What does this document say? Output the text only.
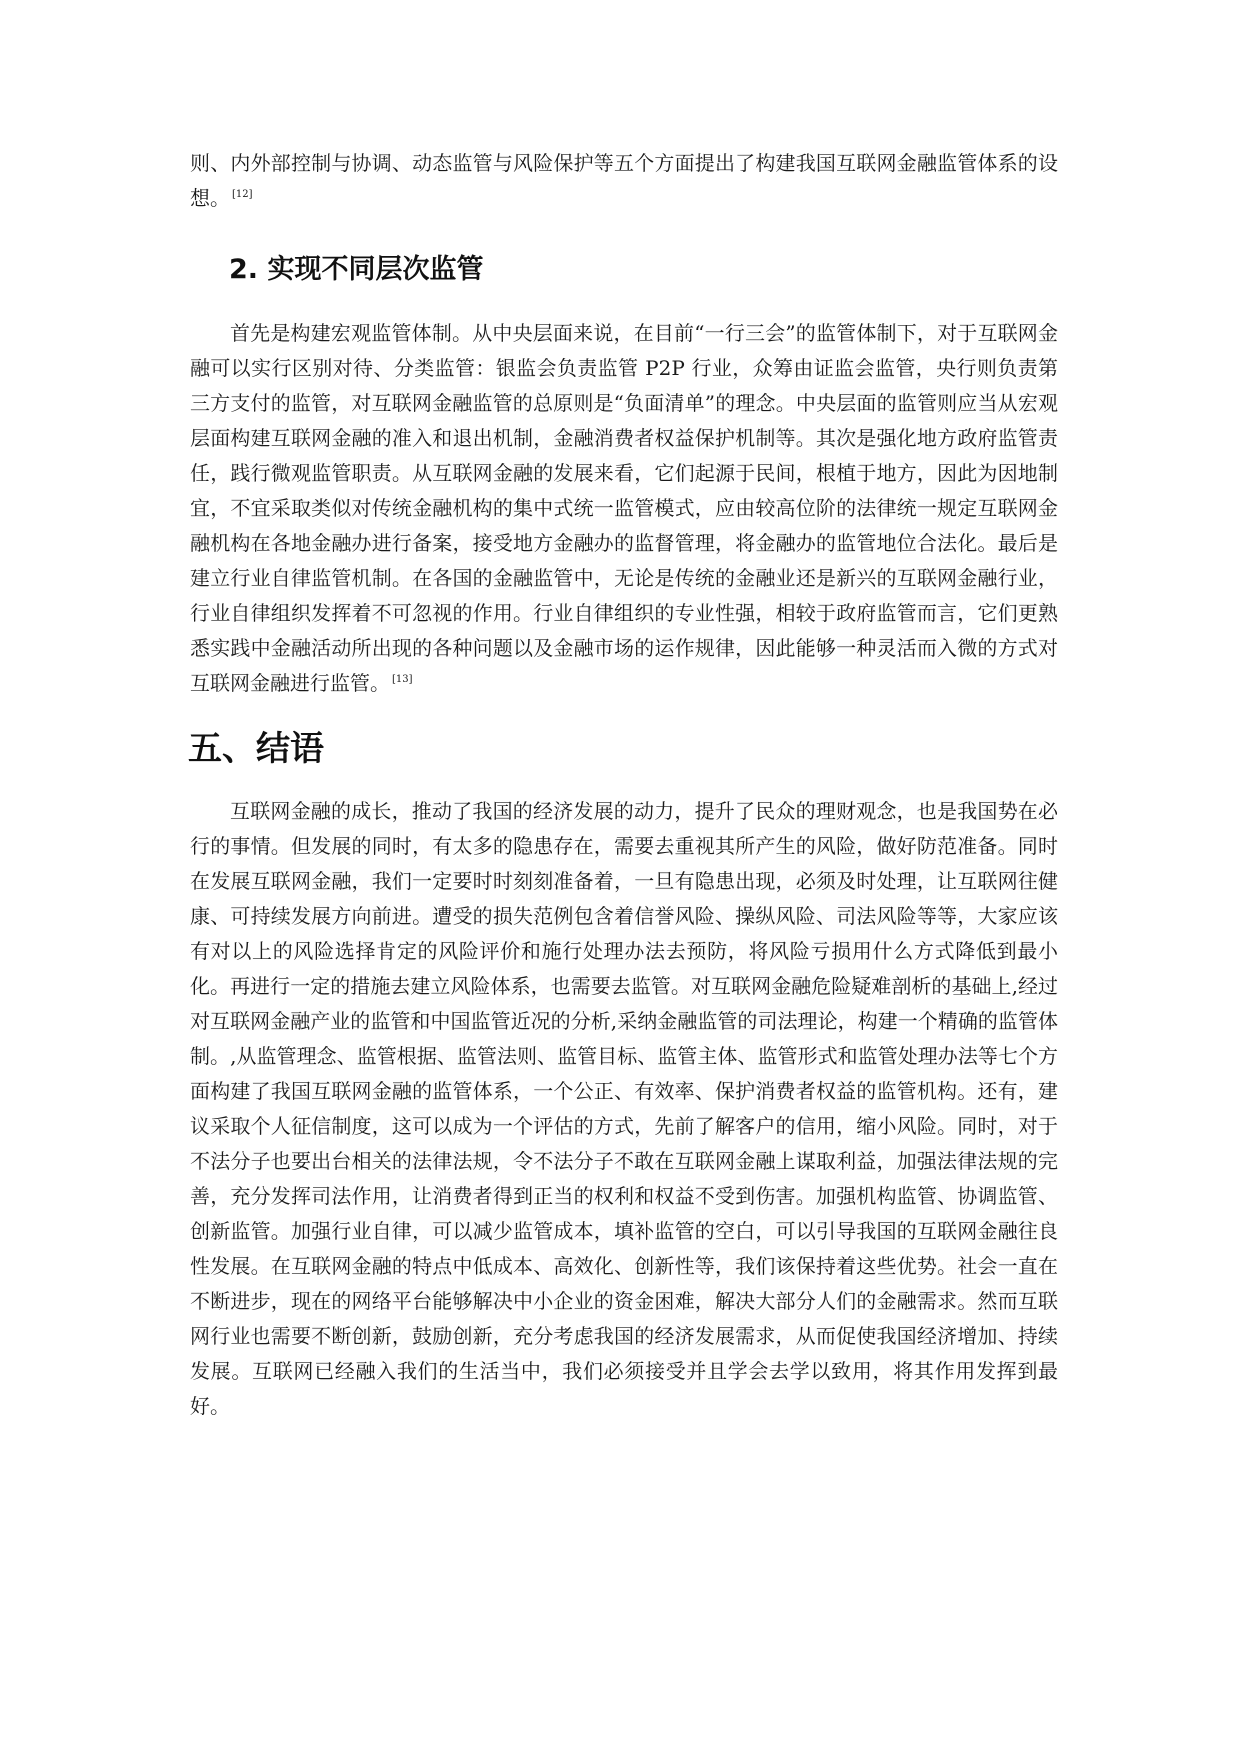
则、内外部控制与协调、动态监管与风险保护等五个方面提出了构建我国互联网金融监管体系的设想。 [12]

2. 实现不同层次监管

首先是构建宏观监管体制。从中央层面来说，在目前“一行三会”的监管体制下，对于互联网金融可以实行区别对待、分类监管：银监会负责监管 P2P 行业，众筹由证监会监管，央行则负责第三方支付的监管，对互联网金融监管的总原则是“负面清单”的理念。中央层面的监管则应当从宏观层面构建互联网金融的准入和退出机制，金融消费者权益保护机制等。其次是强化地方政府监管责任，践行微观监管职责。从互联网金融的发展来看，它们起源于民间，根植于地方，因此为因地制宜，不宜采取类似对传统金融机构的集中式统一监管模式，应由较高位阶的法律统一规定互联网金融机构在各地金融办进行备案，接受地方金融办的监督管理，将金融办的监管地位合法化。最后是建立行业自律监管机制。在各国的金融监管中，无论是传统的金融业还是新兴的互联网金融行业，行业自律组织发挥着不可忽视的作用。行业自律组织的专业性强，相较于政府监管而言，它们更熟悉实践中金融活动所出现的各种问题以及金融市场的运作规律，因此能够一种灵活而入微的方式对互联网金融进行监管。 [13]

五、结语

互联网金融的成长，推动了我国的经济发展的动力，提升了民众的理财观念，也是我国势在必行的事情。但发展的同时，有太多的隐患存在，需要去重视其所产生的风险，做好防范准备。同时在发展互联网金融，我们一定要时时刻刻准备着，一旦有隐患出现，必须及时处理，让互联网往健康、可持续发展方向前进。遭受的损失范例包含着信誉风险、操纵风险、司法风险等等，大家应该有对以上的风险选择肯定的风险评价和施行处理办法去预防，将风险亏损用什么方式降低到最小化。再进行一定的措施去建立风险体系，也需要去监管。对互联网金融危险疑难剖析的基础上,经过对互联网金融产业的监管和中国监管近况的分析,采纳金融监管的司法理论，构建一个精确的监管体制。,从监管理念、监管根据、监管法则、监管目标、监管主体、监管形式和监管处理办法等七个方面构建了我国互联网金融的监管体系，一个公正、有效率、保护消费者权益的监管机构。还有，建议采取个人征信制度，这可以成为一个评估的方式，先前了解客户的信用，缩小风险。同时，对于不法分子也要出台相关的法律法规，令不法分子不敢在互联网金融上谋取利益，加强法律法规的完善，充分发挥司法作用，让消费者得到正当的权利和权益不受到伤害。加强机构监管、协调监管、创新监管。加强行业自律，可以减少监管成本，填补监管的空白，可以引导我国的互联网金融往良性发展。在互联网金融的特点中低成本、高效化、创新性等，我们该保持着这些优势。社会一直在不断进步，现在的网络平台能够解决中小企业的资金困难，解决大部分人们的金融需求。然而互联网行业也需要不断创新，鼓励创新，充分考虑我国的经济发展需求，从而促使我国经济增加、持续发展。互联网已经融入我们的生活当中，我们必须接受并且学会去学以致用，将其作用发挥到最好。
